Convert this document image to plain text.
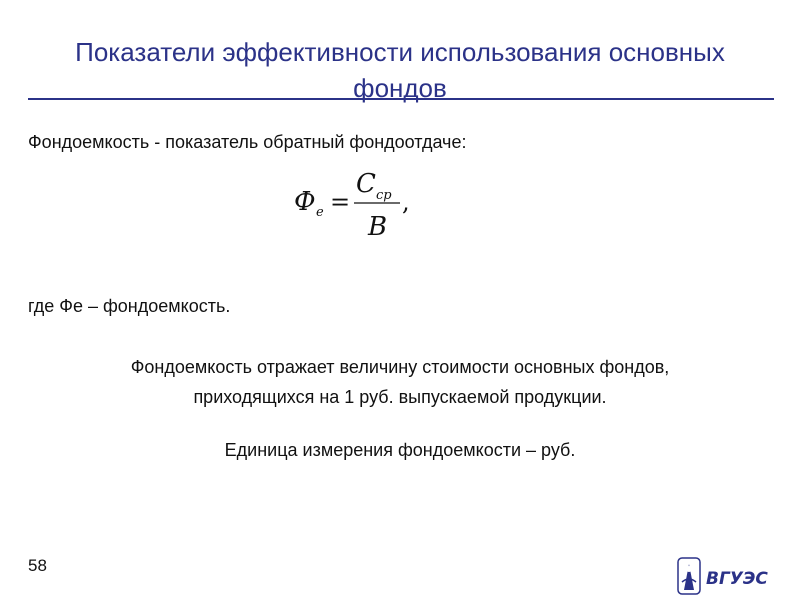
Показатели эффективности использования основных фондов
Фондоемкость - показатель обратный фондоотдаче:
Ф е =
C ср
B
,
где Фе – фондоемкость.
Фондоемкость отражает величину стоимости основных фондов,
приходящихся на 1 руб. выпускаемой продукции.
Единица измерения фондоемкости – руб.
58
ВГУЭС
